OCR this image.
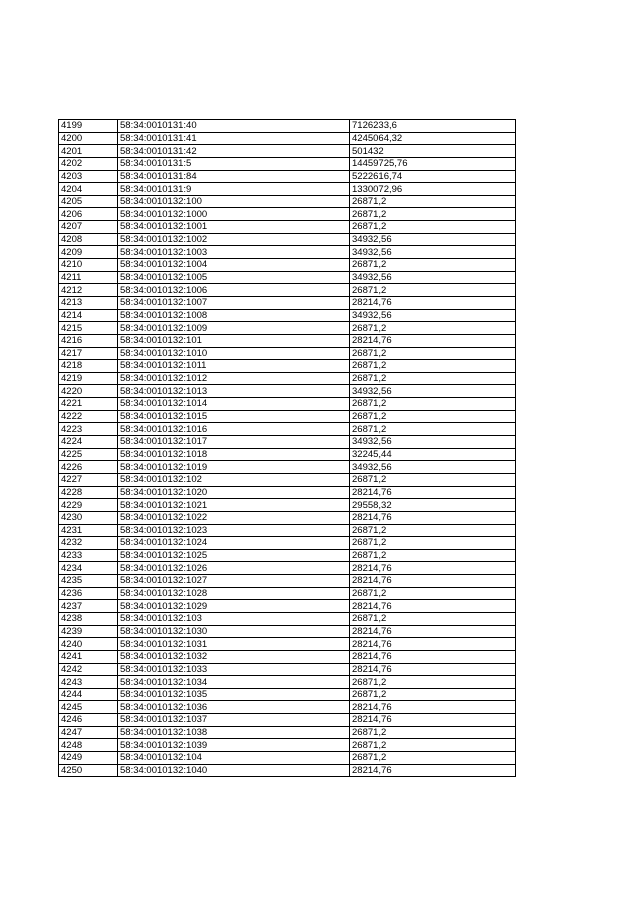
4199	58:34:0010131:40	7126233,6
4200	58:34:0010131:41	4245064,32
4201	58:34:0010131:42	501432
4202	58:34:0010131:5	14459725,76
4203	58:34:0010131:84	5222616,74
4204	58:34:0010131:9	1330072,96
4205	58:34:0010132:100	26871,2
4206	58:34:0010132:1000	26871,2
4207	58:34:0010132:1001	26871,2
4208	58:34:0010132:1002	34932,56
4209	58:34:0010132:1003	34932,56
4210	58:34:0010132:1004	26871,2
4211	58:34:0010132:1005	34932,56
4212	58:34:0010132:1006	26871,2
4213	58:34:0010132:1007	28214,76
4214	58:34:0010132:1008	34932,56
4215	58:34:0010132:1009	26871,2
4216	58:34:0010132:101	28214,76
4217	58:34:0010132:1010	26871,2
4218	58:34:0010132:1011	26871,2
4219	58:34:0010132:1012	26871,2
4220	58:34:0010132:1013	34932,56
4221	58:34:0010132:1014	26871,2
4222	58:34:0010132:1015	26871,2
4223	58:34:0010132:1016	26871,2
4224	58:34:0010132:1017	34932,56
4225	58:34:0010132:1018	32245,44
4226	58:34:0010132:1019	34932,56
4227	58:34:0010132:102	26871,2
4228	58:34:0010132:1020	28214,76
4229	58:34:0010132:1021	29558,32
4230	58:34:0010132:1022	28214,76
4231	58:34:0010132:1023	26871,2
4232	58:34:0010132:1024	26871,2
4233	58:34:0010132:1025	26871,2
4234	58:34:0010132:1026	28214,76
4235	58:34:0010132:1027	28214,76
4236	58:34:0010132:1028	26871,2
4237	58:34:0010132:1029	28214,76
4238	58:34:0010132:103	26871,2
4239	58:34:0010132:1030	28214,76
4240	58:34:0010132:1031	28214,76
4241	58:34:0010132:1032	28214,76
4242	58:34:0010132:1033	28214,76
4243	58:34:0010132:1034	26871,2
4244	58:34:0010132:1035	26871,2
4245	58:34:0010132:1036	28214,76
4246	58:34:0010132:1037	28214,76
4247	58:34:0010132:1038	26871,2
4248	58:34:0010132:1039	26871,2
4249	58:34:0010132:104	26871,2
4250	58:34:0010132:1040	28214,76
